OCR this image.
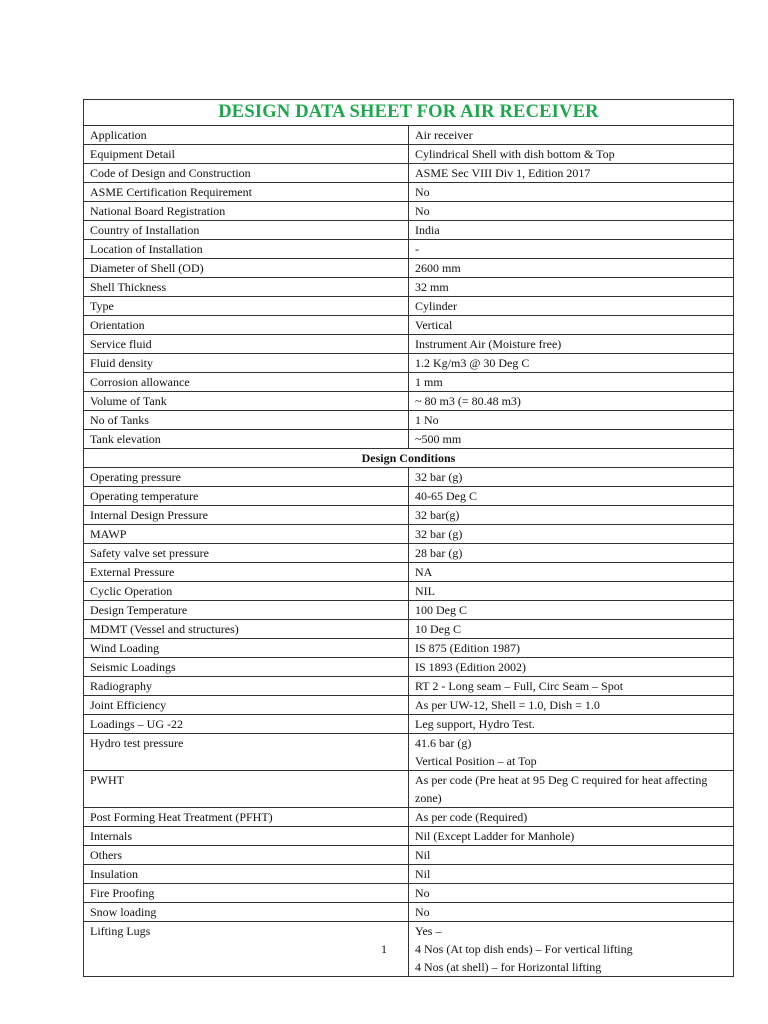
DESIGN DATA SHEET FOR AIR RECEIVER	
Application	Air receiver
Equipment Detail	Cylindrical Shell with dish bottom & Top
Code of Design and Construction	ASME Sec VIII Div 1, Edition 2017
ASME Certification Requirement	No
National Board Registration	No
Country of Installation	India
Location of Installation	-
Diameter of Shell (OD)	2600 mm
Shell Thickness	32 mm
Type	Cylinder
Orientation	Vertical
Service fluid	Instrument Air (Moisture free)
Fluid density	1.2 Kg/m3 @ 30 Deg C
Corrosion allowance	1 mm
Volume of Tank	~ 80 m3 (= 80.48 m3)
No of Tanks	1 No
Tank elevation	~500 mm
Design Conditions	
Operating pressure	32 bar (g)
Operating temperature	40-65 Deg C
Internal Design Pressure	32 bar(g)
MAWP	32 bar (g)
Safety valve set pressure	28 bar (g)
External Pressure	NA
Cyclic Operation	NIL
Design Temperature	100 Deg C
MDMT (Vessel and structures)	10 Deg C
Wind Loading	IS 875 (Edition 1987)
Seismic Loadings	IS 1893 (Edition 2002)
Radiography	RT 2 - Long seam – Full, Circ Seam – Spot
Joint Efficiency	As per UW-12, Shell = 1.0, Dish = 1.0
Loadings – UG -22	Leg support, Hydro Test.
Hydro test pressure	41.6 bar (g)
Vertical Position – at Top

PWHT	As per code (Pre heat at 95 Deg C required for heat affecting
zone)

Post Forming Heat Treatment (PFHT)	As per code (Required)
Internals	Nil (Except Ladder for Manhole)
Others	Nil
Insulation	Nil
Fire Proofing	No
Snow loading	No
Lifting Lugs	Yes –
4 Nos (At top dish ends) – For vertical lifting
4 Nos (at shell) – for Horizontal lifting
1
